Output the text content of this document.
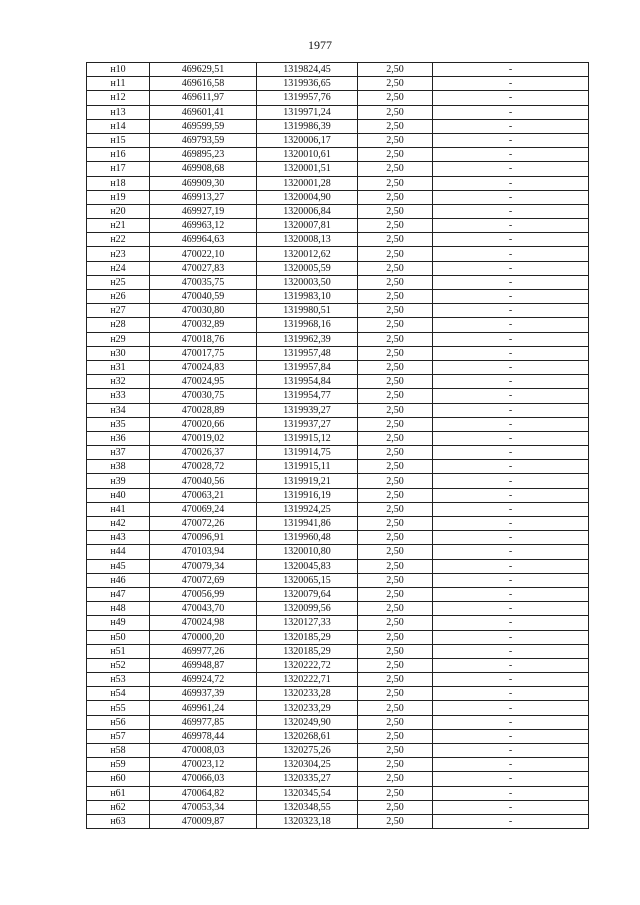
1977
н10	469629,51	1319824,45	2,50	-
н11	469616,58	1319936,65	2,50	-
н12	469611,97	1319957,76	2,50	-
н13	469601,41	1319971,24	2,50	-
н14	469599,59	1319986,39	2,50	-
н15	469793,59	1320006,17	2,50	-
н16	469895,23	1320010,61	2,50	-
н17	469908,68	1320001,51	2,50	-
н18	469909,30	1320001,28	2,50	-
н19	469913,27	1320004,90	2,50	-
н20	469927,19	1320006,84	2,50	-
н21	469963,12	1320007,81	2,50	-
н22	469964,63	1320008,13	2,50	-
н23	470022,10	1320012,62	2,50	-
н24	470027,83	1320005,59	2,50	-
н25	470035,75	1320003,50	2,50	-
н26	470040,59	1319983,10	2,50	-
н27	470030,80	1319980,51	2,50	-
н28	470032,89	1319968,16	2,50	-
н29	470018,76	1319962,39	2,50	-
н30	470017,75	1319957,48	2,50	-
н31	470024,83	1319957,84	2,50	-
н32	470024,95	1319954,84	2,50	-
н33	470030,75	1319954,77	2,50	-
н34	470028,89	1319939,27	2,50	-
н35	470020,66	1319937,27	2,50	-
н36	470019,02	1319915,12	2,50	-
н37	470026,37	1319914,75	2,50	-
н38	470028,72	1319915,11	2,50	-
н39	470040,56	1319919,21	2,50	-
н40	470063,21	1319916,19	2,50	-
н41	470069,24	1319924,25	2,50	-
н42	470072,26	1319941,86	2,50	-
н43	470096,91	1319960,48	2,50	-
н44	470103,94	1320010,80	2,50	-
н45	470079,34	1320045,83	2,50	-
н46	470072,69	1320065,15	2,50	-
н47	470056,99	1320079,64	2,50	-
н48	470043,70	1320099,56	2,50	-
н49	470024,98	1320127,33	2,50	-
н50	470000,20	1320185,29	2,50	-
н51	469977,26	1320185,29	2,50	-
н52	469948,87	1320222,72	2,50	-
н53	469924,72	1320222,71	2,50	-
н54	469937,39	1320233,28	2,50	-
н55	469961,24	1320233,29	2,50	-
н56	469977,85	1320249,90	2,50	-
н57	469978,44	1320268,61	2,50	-
н58	470008,03	1320275,26	2,50	-
н59	470023,12	1320304,25	2,50	-
н60	470066,03	1320335,27	2,50	-
н61	470064,82	1320345,54	2,50	-
н62	470053,34	1320348,55	2,50	-
н63	470009,87	1320323,18	2,50	-
